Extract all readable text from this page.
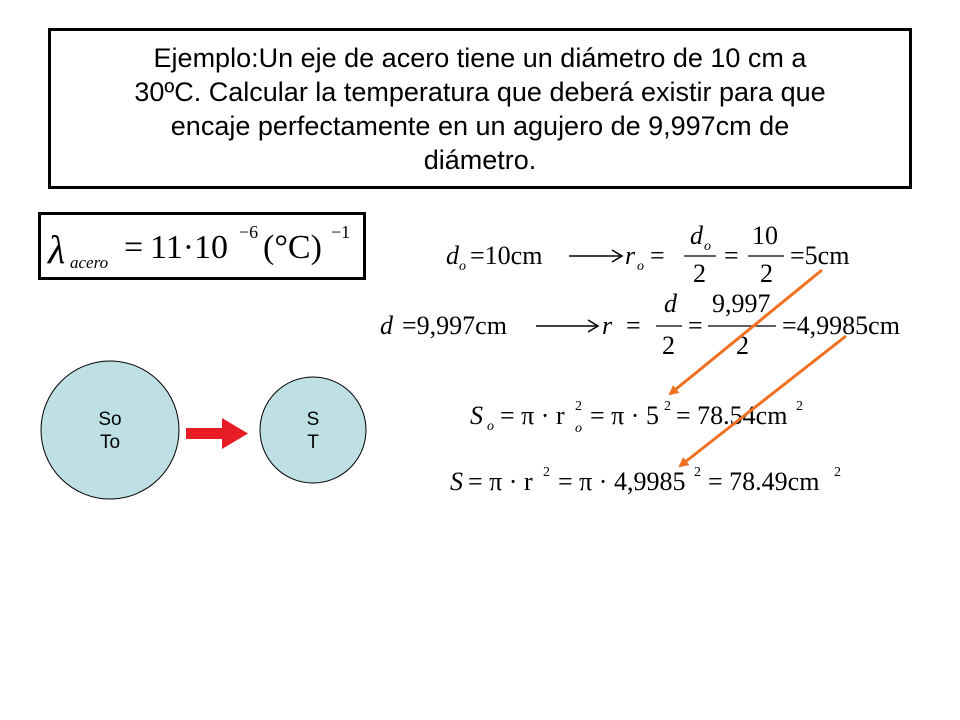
Ejemplo:Un eje de acero tiene un diámetro de 10 cm a
30ºC. Calcular la temperatura que deberá existir para que
encaje perfectamente en un agujero de 9,997cm de
diámetro.
λ acero = 11·10 −6 (°C) −1
d o =10cm	r o =
d o
2
=
10
2
=5cm
d =9,997cm	r =
d
2
=
9,997
2
=4,9985cm
S o = π · r o
2 = π · 5 2 = 78.54cm 2
S = π · r 2 = π · 4,9985 2 = 78.49cm 2
So
To
S
T
